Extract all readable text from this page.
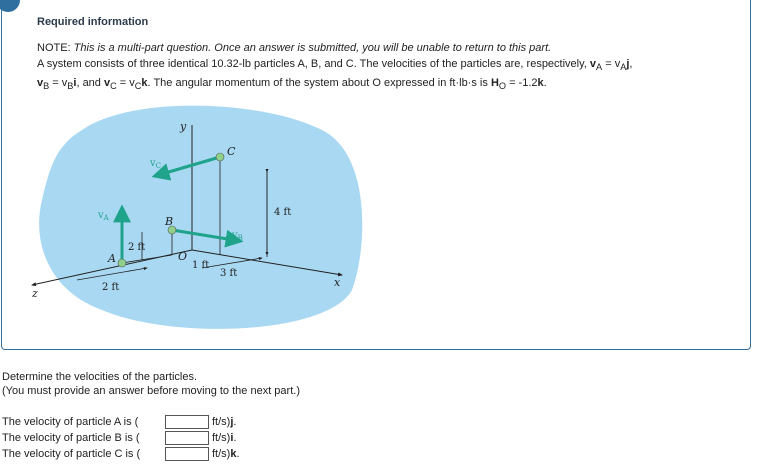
Required information
NOTE: This is a multi-part question. Once an answer is submitted, you will be unable to return to this part.
A system consists of three identical 10.32-lb particles A, B, and C. The velocities of the particles are, respectively, $v_A = v_Aj$,
$v_B = v_Bi$, and $v_C = v_Ck$. The angular momentum of the system about O expressed in ft·lb·s is $H_O = -1.2k$.
y
x
z
C
B
A	O
$v_A$
$v_B$
$v_C$
4 ft
2 ft
2 ft
1 ft
3 ft
Determine the velocities of the particles.
(You must provide an answer before moving to the next part.)
The velocity of particle A is (	ft/s) j .
The velocity of particle B is (	ft/s) i .
The velocity of particle C is (	ft/s) k .
